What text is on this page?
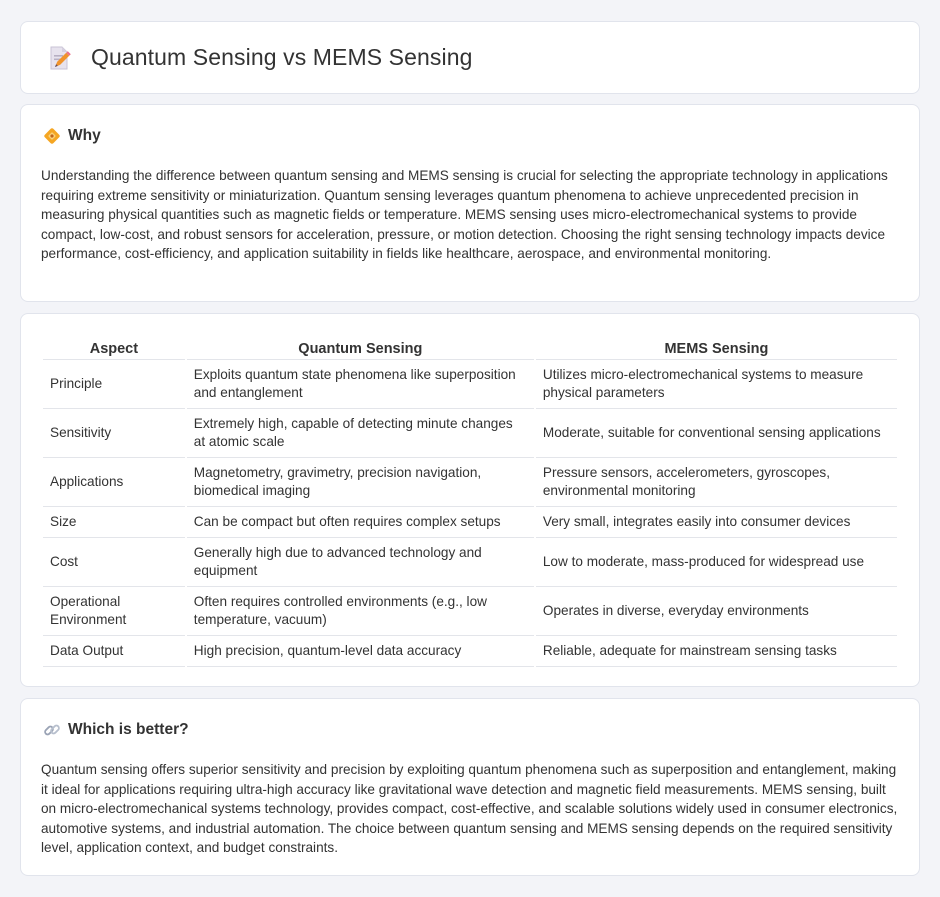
Quantum Sensing vs MEMS Sensing
Why

Understanding the difference between quantum sensing and MEMS sensing is crucial for selecting the appropriate technology in applications requiring extreme sensitivity or miniaturization. Quantum sensing leverages quantum phenomena to achieve unprecedented precision in measuring physical quantities such as magnetic fields or temperature. MEMS sensing uses micro-electromechanical systems to provide compact, low-cost, and robust sensors for acceleration, pressure, or motion detection. Choosing the right sensing technology impacts device performance, cost-efficiency, and application suitability in fields like healthcare, aerospace, and environmental monitoring.

Aspect	Quantum Sensing	MEMS Sensing
Principle	Exploits quantum state phenomena like superposition and entanglement	Utilizes micro-electromechanical systems to measure physical parameters
Sensitivity	Extremely high, capable of detecting minute changes at atomic scale	Moderate, suitable for conventional sensing applications
Applications	Magnetometry, gravimetry, precision navigation, biomedical imaging	Pressure sensors, accelerometers, gyroscopes, environmental monitoring
Size	Can be compact but often requires complex setups	Very small, integrates easily into consumer devices
Cost	Generally high due to advanced technology and equipment	Low to moderate, mass-produced for widespread use
Operational Environment	Often requires controlled environments (e.g., low temperature, vacuum)	Operates in diverse, everyday environments
Data Output	High precision, quantum-level data accuracy	Reliable, adequate for mainstream sensing tasks
Which is better?

Quantum sensing offers superior sensitivity and precision by exploiting quantum phenomena such as superposition and entanglement, making it ideal for applications requiring ultra-high accuracy like gravitational wave detection and magnetic field measurements. MEMS sensing, built on micro-electromechanical systems technology, provides compact, cost-effective, and scalable solutions widely used in consumer electronics, automotive systems, and industrial automation. The choice between quantum sensing and MEMS sensing depends on the required sensitivity level, application context, and budget constraints.
